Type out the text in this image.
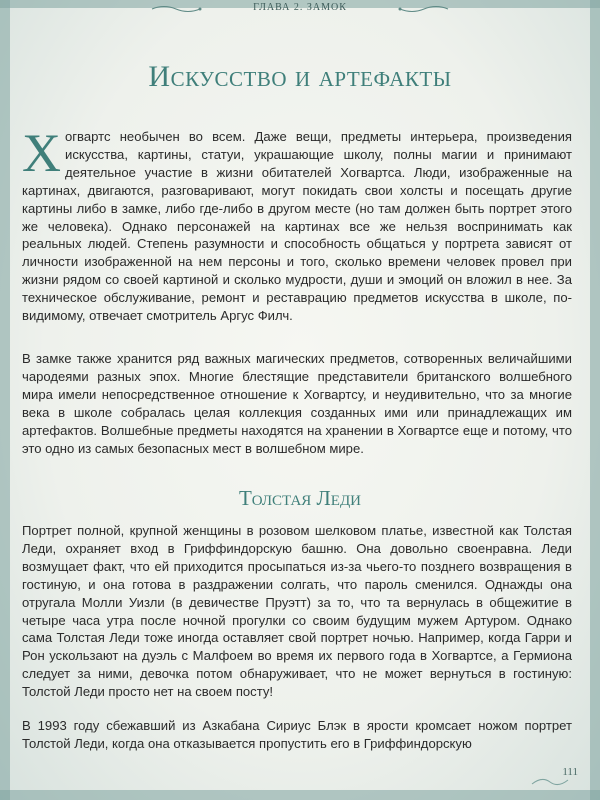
ГЛАВА 2. ЗАМОК
Искусство и артефакты
Х огвартс необычен во всем. Даже вещи, предметы интерьера, произведения искусства, картины, статуи, украшающие школу, полны магии и принимают деятельное участие в жизни обитателей Хогвартса. Люди, изображенные на картинах, двигаются, разговаривают, могут покидать свои холсты и посещать другие картины либо в замке, либо где-либо в другом месте (но там должен быть портрет этого же человека). Однако персонажей на картинах все же нельзя воспринимать как реальных людей. Степень разумности и способность общаться у портрета зависят от личности изображенной на нем персоны и того, сколько времени человек провел при жизни рядом со своей картиной и сколько мудрости, души и эмоций он вложил в нее. За техническое обслуживание, ремонт и реставрацию предметов искусства в школе, по-видимому, отвечает смотритель Аргус Филч.
В замке также хранится ряд важных магических предметов, сотворенных величайшими чародеями разных эпох. Многие блестящие представители британского волшебного мира имели непосредственное отношение к Хогвартсу, и неудивительно, что за многие века в школе собралась целая коллекция созданных ими или принадлежащих им артефактов. Волшебные предметы находятся на хранении в Хогвартсе еще и потому, что это одно из самых безопасных мест в волшебном мире.
Толстая Леди
Портрет полной, крупной женщины в розовом шелковом платье, известной как Толстая Леди, охраняет вход в Гриффиндорскую башню. Она довольно своенравна. Леди возмущает факт, что ей приходится просыпаться из-за чьего-то позднего возвращения в гостиную, и она готова в раздражении солгать, что пароль сменился. Однажды она отругала Молли Уизли (в девичестве Пруэтт) за то, что та вернулась в общежитие в четыре часа утра после ночной прогулки со своим будущим мужем Артуром. Однако сама Толстая Леди тоже иногда оставляет свой портрет ночью. Например, когда Гарри и Рон ускользают на дуэль с Малфоем во время их первого года в Хогвартсе, а Гермиона следует за ними, девочка потом обнаруживает, что не может вернуться в гостиную: Толстой Леди просто нет на своем посту!
В 1993 году сбежавший из Азкабана Сириус Блэк в ярости кромсает ножом портрет Толстой Леди, когда она отказывается пропустить его в Гриффиндорскую
111
